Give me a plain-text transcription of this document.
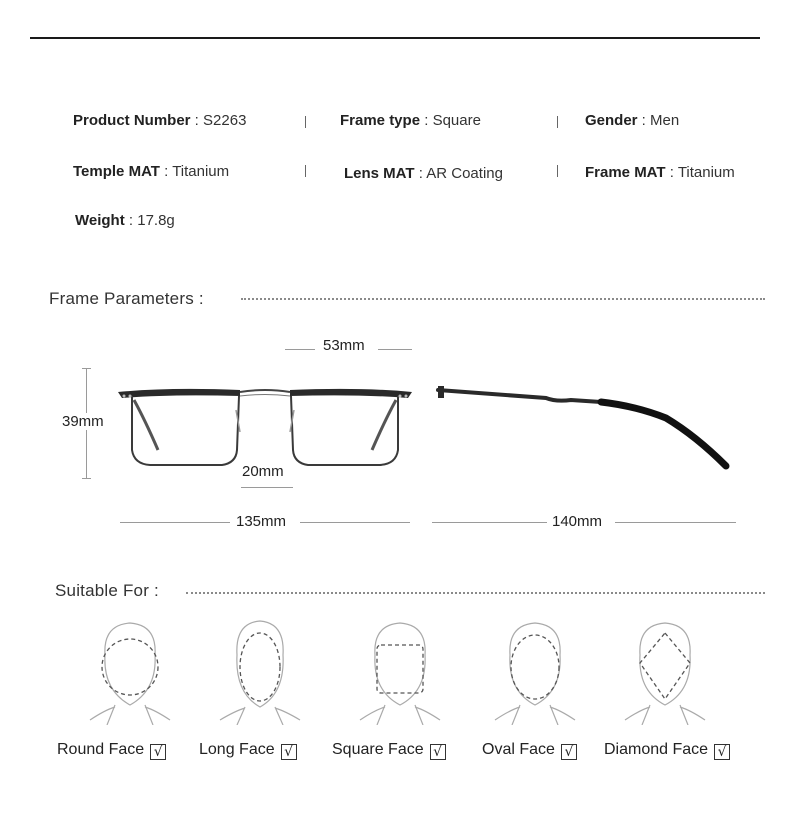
Product Number : S2263	Frame type : Square	Gender : Men
Temple MAT : Titanium	Lens MAT : AR Coating	Frame MAT : Titanium
Weight : 17.8g
Frame Parameters :
53mm
39mm
20mm
135mm	140mm
Suitable For :
Round Face √ Long Face √ Square Face √ Oval Face √ Diamond Face √
